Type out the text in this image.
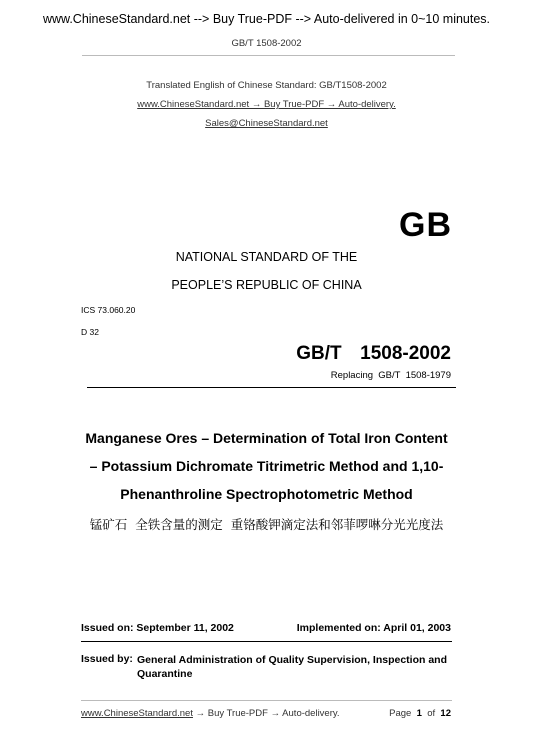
www.ChineseStandard.net --> Buy True-PDF --> Auto-delivered in 0~10 minutes.
GB/T 1508-2002
Translated English of Chinese Standard: GB/T1508-2002
www.ChineseStandard.net → Buy True-PDF → Auto-delivery.
Sales@ChineseStandard.net
GB
NATIONAL STANDARD OF THE
PEOPLE’S REPUBLIC OF CHINA
ICS 73.060.20
D 32
GB/T  1508-2002
Replacing  GB/T  1508-1979
Manganese Ores – Determination of Total Iron Content
– Potassium Dichromate Titrimetric Method and 1,10-
Phenanthroline Spectrophotometric Method
锰矿石  全铁含量的测定  重铬酸钾滴定法和邻菲啰啉分光光度法
Issued on: September 11, 2002	Implemented on: April 01, 2003
Issued by: General Administration of Quality Supervision, Inspection and Quarantine
www.ChineseStandard.net → Buy True-PDF → Auto-delivery.	Page 1 of 12
